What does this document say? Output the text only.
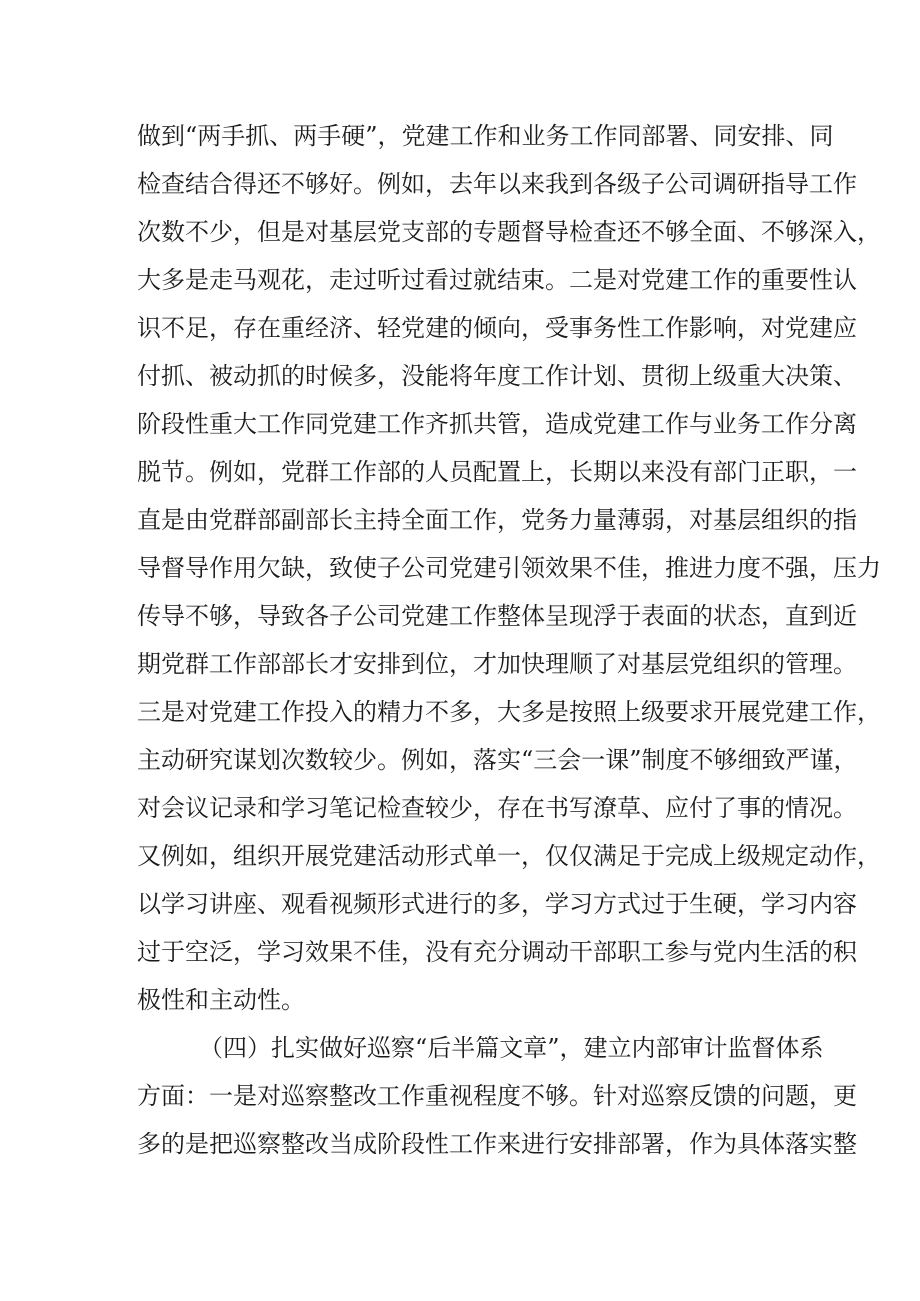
做到“两手抓、两手硬”，党建工作和业务工作同部署、同安排、同
检查结合得还不够好。例如，去年以来我到各级子公司调研指导工作
次数不少，但是对基层党支部的专题督导检查还不够全面、不够深入，
大多是走马观花，走过听过看过就结束。二是对党建工作的重要性认
识不足，存在重经济、轻党建的倾向，受事务性工作影响，对党建应
付抓、被动抓的时候多，没能将年度工作计划、贯彻上级重大决策、
阶段性重大工作同党建工作齐抓共管，造成党建工作与业务工作分离
脱节。例如，党群工作部的人员配置上，长期以来没有部门正职，一
直是由党群部副部长主持全面工作，党务力量薄弱，对基层组织的指
导督导作用欠缺，致使子公司党建引领效果不佳，推进力度不强，压力
传导不够，导致各子公司党建工作整体呈现浮于表面的状态，直到近
期党群工作部部长才安排到位，才加快理顺了对基层党组织的管理。
三是对党建工作投入的精力不多，大多是按照上级要求开展党建工作，
主动研究谋划次数较少。例如，落实“三会一课”制度不够细致严谨，
对会议记录和学习笔记检查较少，存在书写潦草、应付了事的情况。
又例如，组织开展党建活动形式单一，仅仅满足于完成上级规定动作，
以学习讲座、观看视频形式进行的多，学习方式过于生硬，学习内容
过于空泛，学习效果不佳，没有充分调动干部职工参与党内生活的积
极性和主动性。
（四）扎实做好巡察“后半篇文章”，建立内部审计监督体系
方面：一是对巡察整改工作重视程度不够。针对巡察反馈的问题，更
多的是把巡察整改当成阶段性工作来进行安排部署，作为具体落实整
